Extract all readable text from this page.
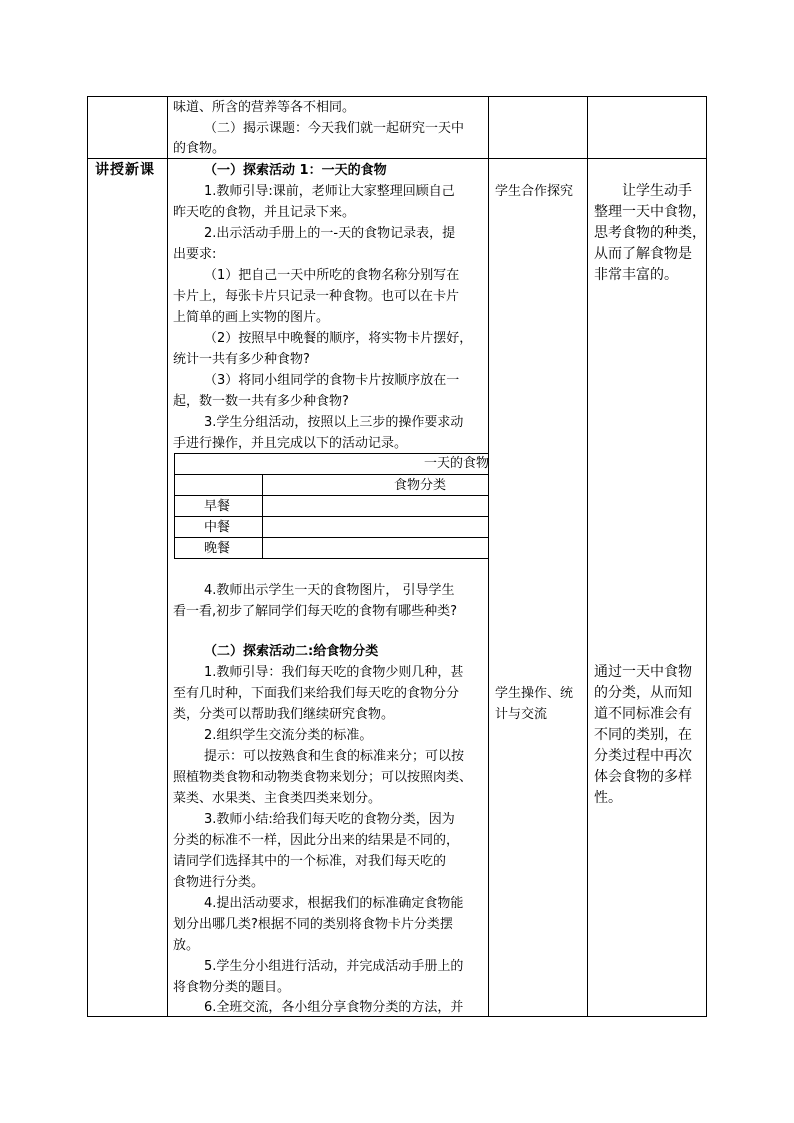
味道、所含的营养等各不相同。
（二）揭示课题：今天我们就一起研究一天中
的食物。
讲授新课	（一）探索活动 1：一天的食物
1.教师引导:课前，老师让大家整理回顾自己
昨天吃的食物，并且记录下来。
2.出示活动手册上的一-天的食物记录表，提
出要求:
（1）把自己一天中所吃的食物名称分别写在
卡片上，每张卡片只记录一种食物。也可以在卡片
上简单的画上实物的图片。
（2）按照早中晚餐的顺序，将实物卡片摆好，
统计一共有多少种食物?
（3）将同小组同学的食物卡片按顺序放在一
起，数一数一共有多少种食物?
3.学生分组活动，按照以上三步的操作要求动
手进行操作，并且完成以下的活动记录。
一天的食物
食物分类
早餐
中餐
晚餐
4.教师出示学生一天的食物图片， 引导学生
看一看,初步了解同学们每天吃的食物有哪些种类?
学生合作探究	让学生动手
整理一天中食物，
思考食物的种类，
从而了解食物是
非常丰富的。
（二）探索活动二:给食物分类
1.教师引导：我们每天吃的食物少则几种，甚
至有几时种，下面我们来给我们每天吃的食物分分
类，分类可以帮助我们继续研究食物。
2.组织学生交流分类的标准。
提示：可以按熟食和生食的标准来分；可以按
照植物类食物和动物类食物来划分；可以按照肉类、
菜类、水果类、主食类四类来划分。
3.教师小结:给我们每天吃的食物分类，因为
分类的标准不一样，因此分出来的结果是不同的，
请同学们选择其中的一个标准，对我们每天吃的
食物进行分类。
4.提出活动要求，根据我们的标准确定食物能
划分出哪几类?根据不同的类别将食物卡片分类摆
放。
5.学生分小组进行活动，并完成活动手册上的
将食物分类的题目。
6.全班交流，各小组分享食物分类的方法，并
学生操作、统
计与交流
通过一天中食物
的分类，从而知
道不同标准会有
不同的类别，在
分类过程中再次
体会食物的多样
性。
